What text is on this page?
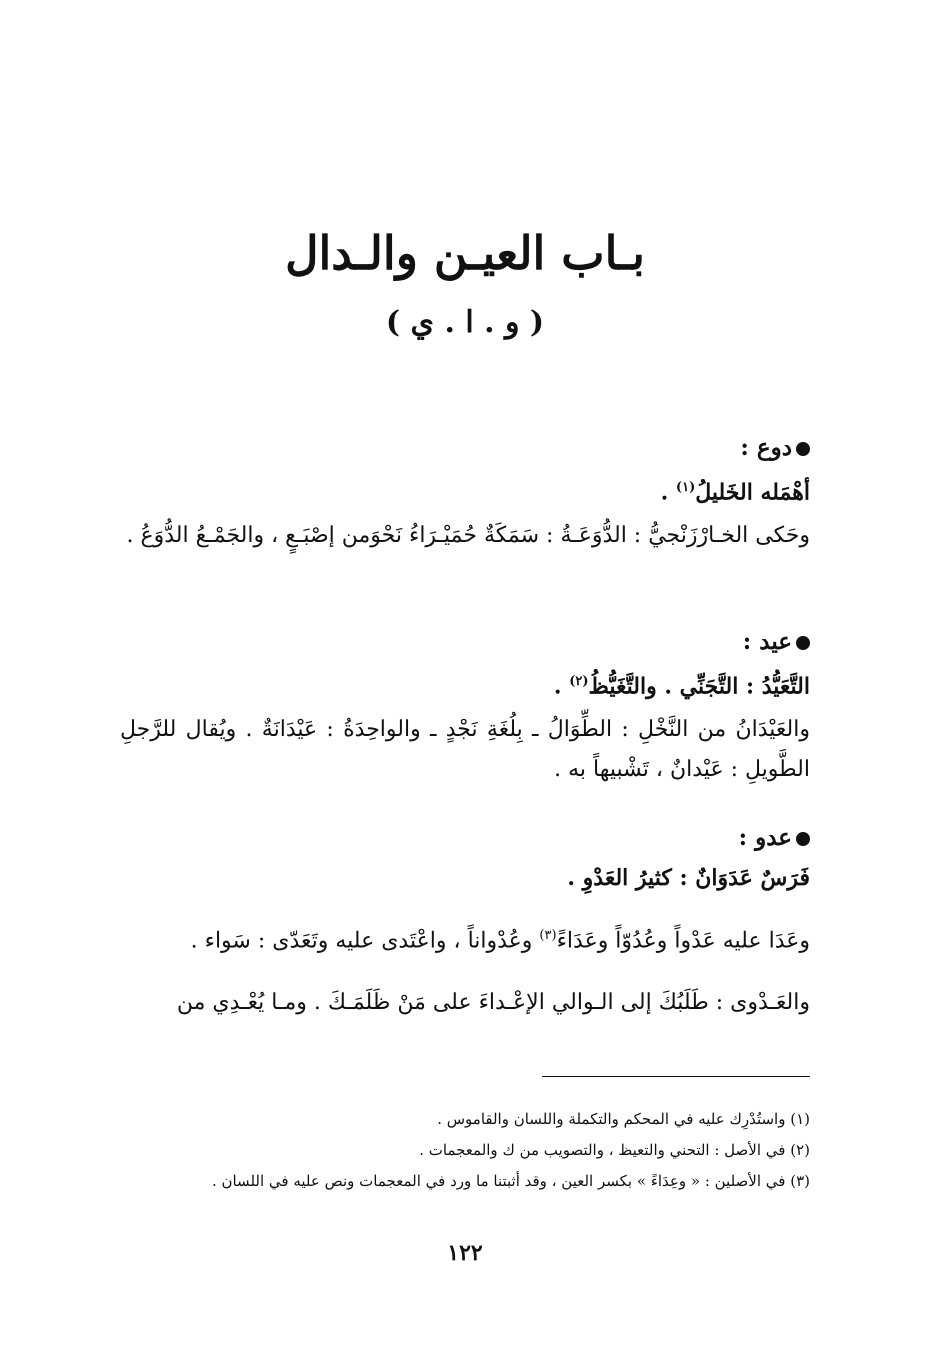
بـاب العيـن والـدال
( و . ا . ي )

دوع :

أهْمَله الخَليلُ$^{(١)}$ .

وحَكى الخـارْزَنْجيُّ : الدُّوَعَـةُ : سَمَكَةٌ حُمَيْـرَاءُ نَحْوَمن إصْبَـعٍ ، والجَمْـعُ الدُّوَعُ .

عيد :

التَّعَيُّدُ : التَّجَنِّي . والتَّغَيُّظُ$^{(٢)}$ .

والعَيْدَانُ من النَّخْلِ : الطِّوَالُ ـ بِلُغَةِ نَجْدٍ ـ والواحِدَةُ : عَيْدَانَةٌ . ويُقال للرَّجلِ الطَّويلِ : عَيْدانٌ ، تَشْبيهاً به .

عدو :

فَرَسٌ عَدَوَانٌ : كثيرُ العَدْوِ .

وعَدَا عليه عَدْواً وعُدُوّاً وعَدَاءً$^{(٣)}$ وعُدْواناً ، واعْتَدى عليه وتَعَدّى : سَواء .

والعَـدْوى : طَلَبُكَ إلى الـوالي الإعْـداءَ على مَنْ ظَلَمَـكَ . ومـا يُعْـدِي من

(١) واستُدْرِك عليه في المحكم والتكملة واللسان والقاموس .

(٢) في الأصل : التحني والتعيظ ، والتصويب من ك والمعجمات .

(٣) في الأصلين : « وعِدَاءً » بكسر العين ، وقد أثبتنا ما ورد في المعجمات ونص عليه في اللسان .

١٢٢
